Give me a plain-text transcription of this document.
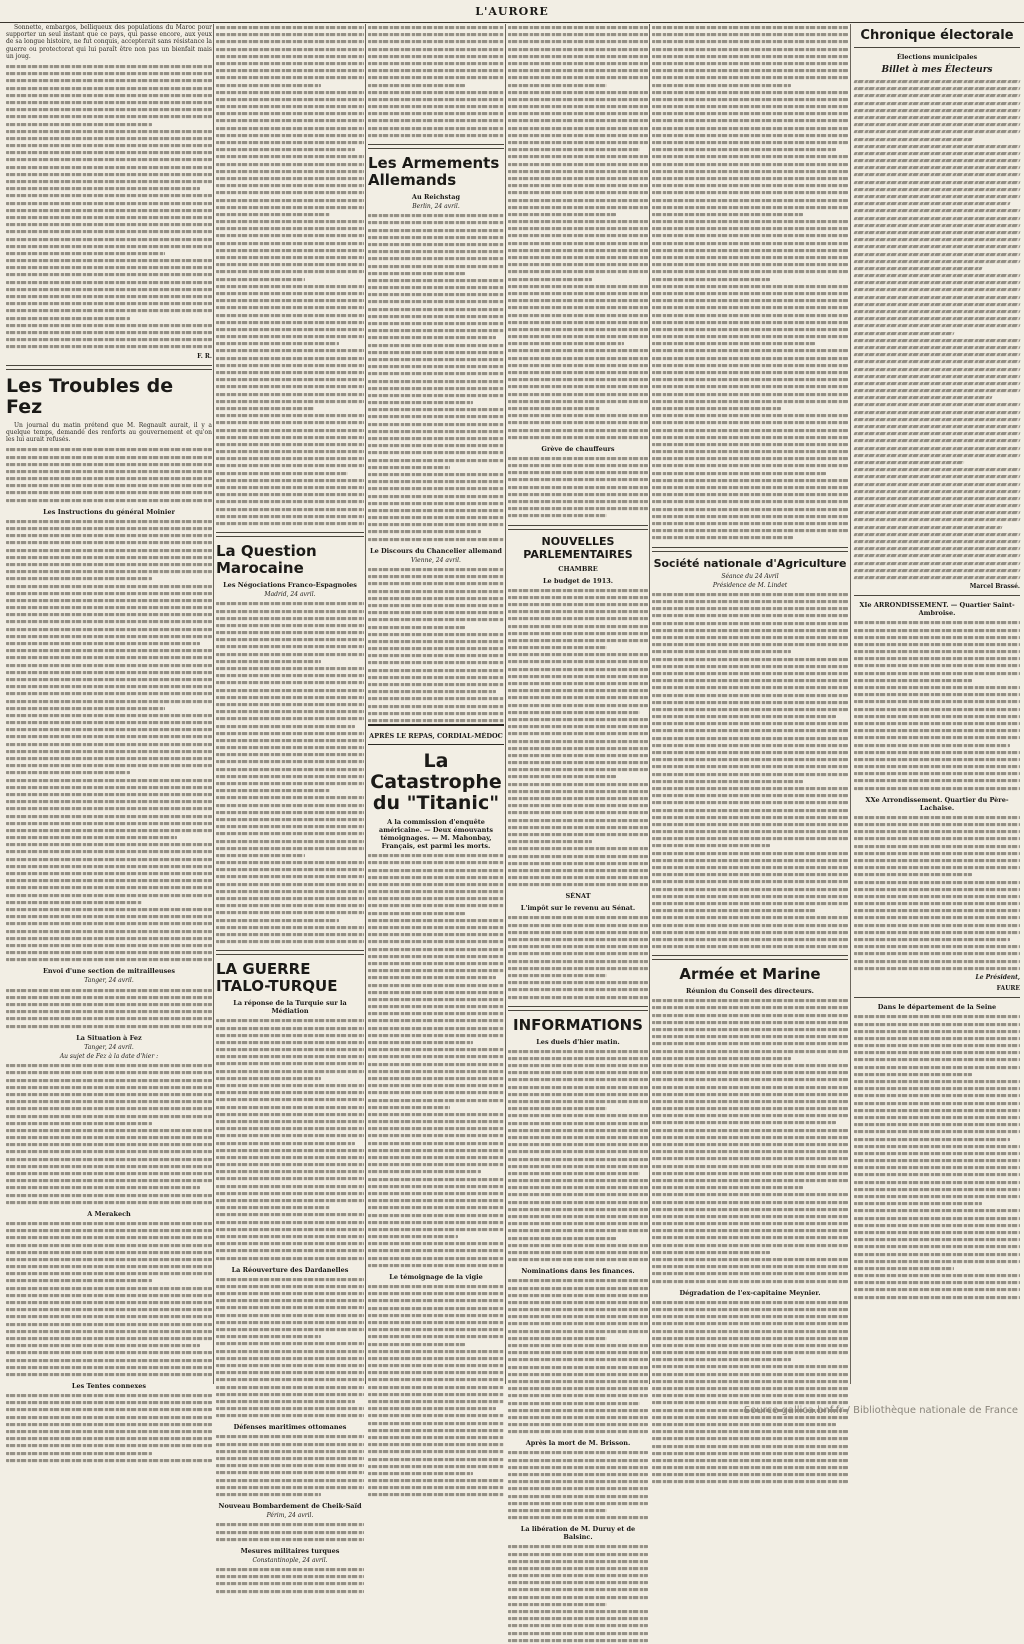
L'AURORE

Sonnette, embargos, belliqueux des populations du Maroc pour supporter un seul instant que ce pays, qui passe encore, aux yeux de sa longue histoire, ne fut conquis, accepterait sans résistance la guerre ou protectorat qui lui paraît être non pas un bienfait mais un joug.

F. R.
Les Troubles de Fez

Un journal du matin prétend que M. Regnault aurait, il y a quelque temps, demandé des renforts au gouvernement et qu'on les lui aurait refusés.

Les Instructions du général Moinier
Envoi d'une section de mitrailleuses
Tanger, 24 avril.
La Situation à Fez
Tanger, 24 avril.
Au sujet de Fez à la date d'hier :
A Merakech
Les Tentes connexes
La Question Marocaine
Les Négociations Franco-Espagnoles
Madrid, 24 avril.
LA GUERRE ITALO-TURQUE
La réponse de la Turquie sur la Médiation
La Réouverture des Dardanelles
Défenses maritimes ottomanes
Nouveau Bombardement de Cheik-Saïd
Périm, 24 avril.
Mesures militaires turques
Constantinople, 24 avril.
Les Armements Allemands
Au Reichstag
Berlin, 24 avril.
Le Discours du Chancelier allemand
Vienne, 24 avril.
APRÈS LE REPAS, CORDIAL-MÉDOC
La Catastrophe du "Titanic"
A la commission d'enquête américaine. — Deux émouvants témoignages. — M. Mahonbay, Français, est parmi les morts.
Le témoignage de la vigie
Grève de chauffeurs
NOUVELLES PARLEMENTAIRES
CHAMBRE
Le budget de 1913.
SÉNAT
L'impôt sur le revenu au Sénat.
INFORMATIONS
Les duels d'hier matin.
Nominations dans les finances.
Après la mort de M. Brisson.
La libération de M. Duruy et de Balsinc.
Société nationale d'Agriculture
Séance du 24 Avril
Présidence de M. Lindet
Armée et Marine
Réunion du Conseil des directeurs.
Dégradation de l'ex-capitaine Meynier.
Chronique électorale
Élections municipales
Billet à mes Électeurs
Marcel Brassé.
XIe ARRONDISSEMENT. — Quartier Saint-Ambroise.
XXe Arrondissement. Quartier du Père-Lachaise.
Le Président,
FAURE
Dans le département de la Seine
Source gallica.bnf.fr / Bibliothèque nationale de France
